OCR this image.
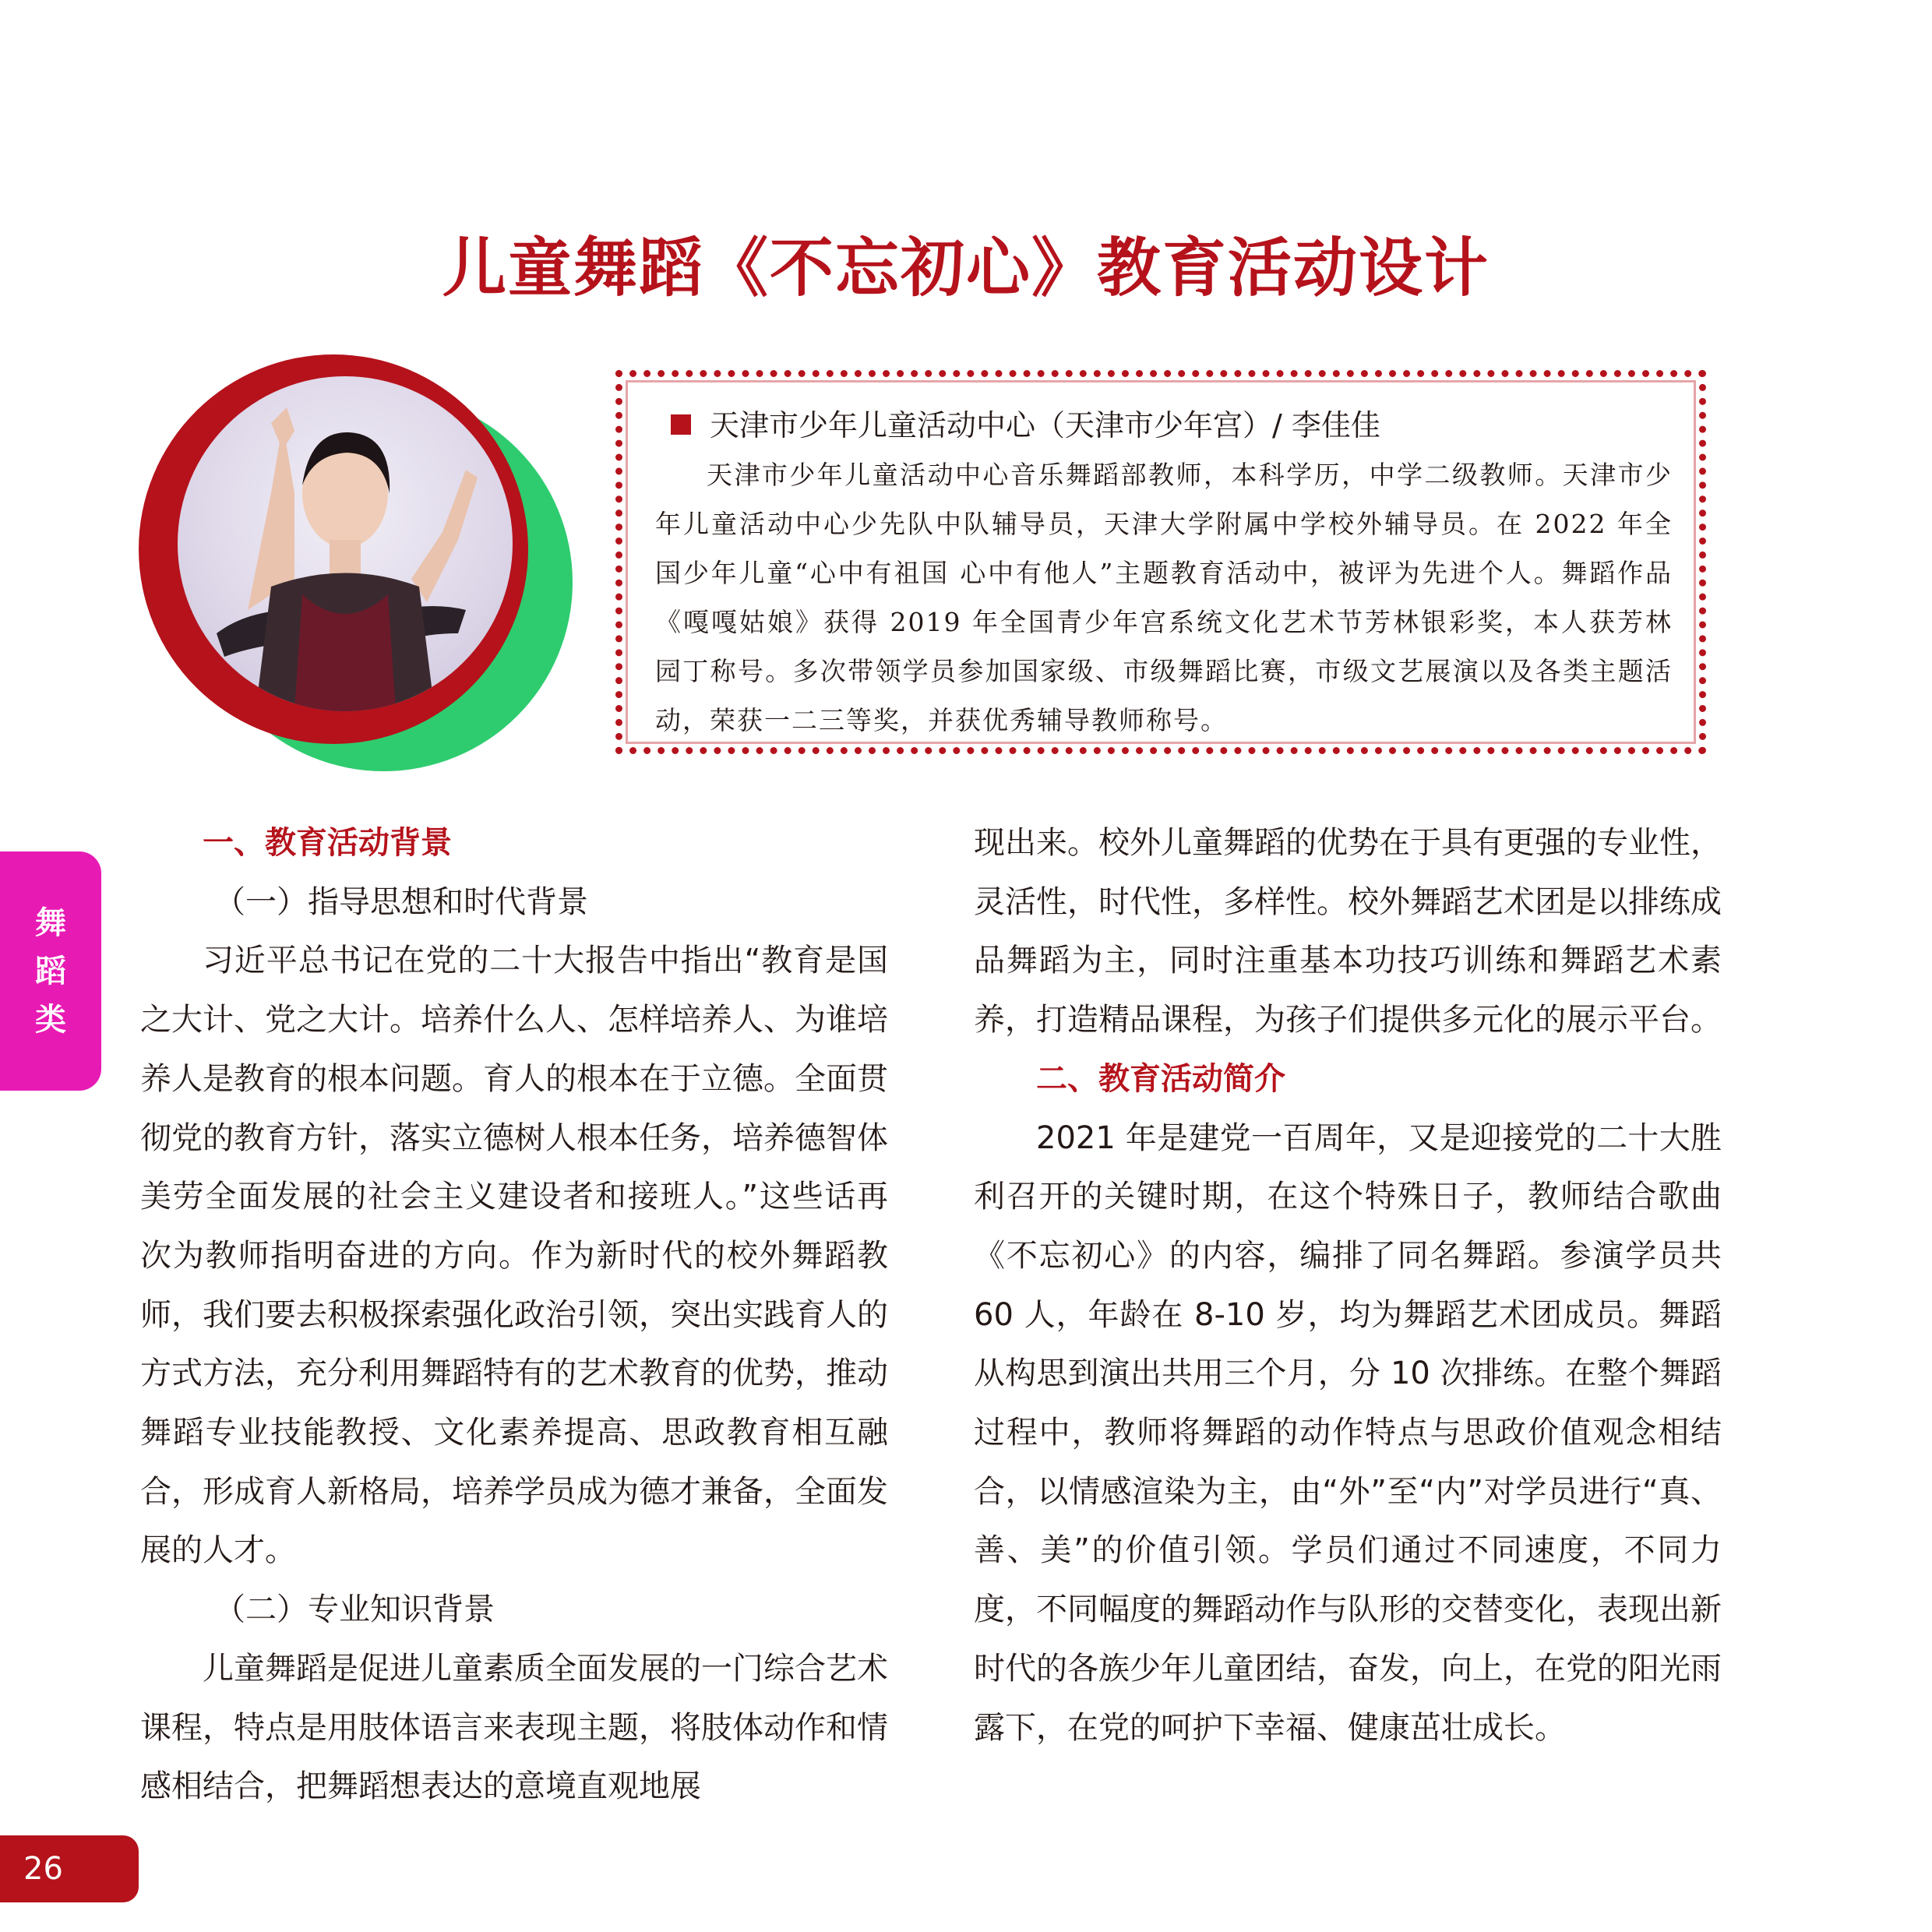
儿童舞蹈《不忘初心》教育活动设计
天津市少年儿童活动中心（天津市少年宫）/ 李佳佳
天津市少年儿童活动中心音乐舞蹈部教师，本科学历，中学二级教师。天津市少年儿童活动中心少先队中队辅导员，天津大学附属中学校外辅导员。在 2022 年全国少年儿童“心中有祖国 心中有他人”主题教育活动中，被评为先进个人。舞蹈作品《嘎嘎姑娘》获得 2019 年全国青少年宫系统文化艺术节芳林银彩奖，本人获芳林园丁称号。多次带领学员参加国家级、市级舞蹈比赛，市级文艺展演以及各类主题活动，荣获一二三等奖，并获优秀辅导教师称号。
舞
蹈
类

一、教育活动背景

（一）指导思想和时代背景

习近平总书记在党的二十大报告中指出“教育是国之大计、党之大计。培养什么人、怎样培养人、为谁培养人是教育的根本问题。育人的根本在于立德。全面贯彻党的教育方针，落实立德树人根本任务，培养德智体美劳全面发展的社会主义建设者和接班人。”这些话再次为教师指明奋进的方向。作为新时代的校外舞蹈教师，我们要去积极探索强化政治引领，突出实践育人的方式方法，充分利用舞蹈特有的艺术教育的优势，推动舞蹈专业技能教授、文化素养提高、思政教育相互融合，形成育人新格局，培养学员成为德才兼备，全面发展的人才。

（二）专业知识背景

儿童舞蹈是促进儿童素质全面发展的一门综合艺术课程，特点是用肢体语言来表现主题，将肢体动作和情感相结合，把舞蹈想表达的意境直观地展

现出来。校外儿童舞蹈的优势在于具有更强的专业性，灵活性，时代性，多样性。校外舞蹈艺术团是以排练成品舞蹈为主，同时注重基本功技巧训练和舞蹈艺术素养，打造精品课程，为孩子们提供多元化的展示平台。

二、教育活动简介

2021 年是建党一百周年，又是迎接党的二十大胜利召开的关键时期，在这个特殊日子，教师结合歌曲《不忘初心》的内容，编排了同名舞蹈。参演学员共 60 人，年龄在 8-10 岁，均为舞蹈艺术团成员。舞蹈从构思到演出共用三个月，分 10 次排练。在整个舞蹈过程中，教师将舞蹈的动作特点与思政价值观念相结合，以情感渲染为主，由“外”至“内”对学员进行“真、善、美”的价值引领。学员们通过不同速度，不同力度，不同幅度的舞蹈动作与队形的交替变化，表现出新时代的各族少年儿童团结，奋发，向上，在党的阳光雨露下，在党的呵护下幸福、健康茁壮成长。

26
